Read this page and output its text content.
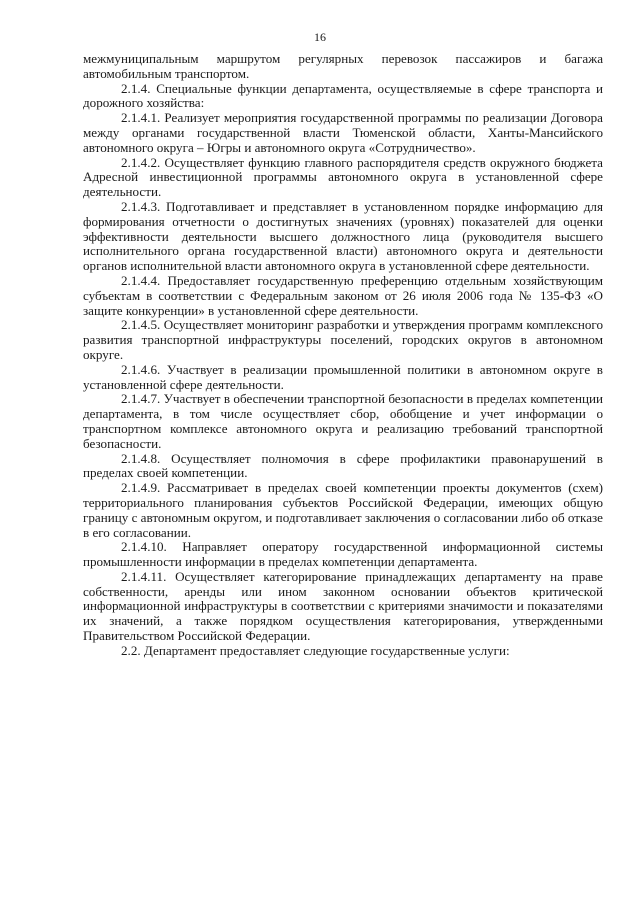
16

межмуниципальным маршрутом регулярных перевозок пассажиров и багажа автомобильным транспортом.

2.1.4. Специальные функции департамента, осуществляемые в сфере транспорта и дорожного хозяйства:

2.1.4.1. Реализует мероприятия государственной программы по реализации Договора между органами государственной власти Тюменской области, Ханты-Мансийского автономного округа – Югры и автономного округа «Сотрудничество».

2.1.4.2. Осуществляет функцию главного распорядителя средств окружного бюджета Адресной инвестиционной программы автономного округа в установленной сфере деятельности.

2.1.4.3. Подготавливает и представляет в установленном порядке информацию для формирования отчетности о достигнутых значениях (уровнях) показателей для оценки эффективности деятельности высшего должностного лица (руководителя высшего исполнительного органа государственной власти) автономного округа и деятельности органов исполнительной власти автономного округа в установленной сфере деятельности.

2.1.4.4. Предоставляет государственную преференцию отдельным хозяйствующим субъектам в соответствии с Федеральным законом от 26 июля 2006 года № 135-ФЗ «О защите конкуренции» в установленной сфере деятельности.

2.1.4.5. Осуществляет мониторинг разработки и утверждения программ комплексного развития транспортной инфраструктуры поселений, городских округов в автономном округе.

2.1.4.6. Участвует в реализации промышленной политики в автономном округе в установленной сфере деятельности.

2.1.4.7. Участвует в обеспечении транспортной безопасности в пределах компетенции департамента, в том числе осуществляет сбор, обобщение и учет информации о транспортном комплексе автономного округа и реализацию требований транспортной безопасности.

2.1.4.8. Осуществляет полномочия в сфере профилактики правонарушений в пределах своей компетенции.

2.1.4.9. Рассматривает в пределах своей компетенции проекты документов (схем) территориального планирования субъектов Российской Федерации, имеющих общую границу с автономным округом, и подготавливает заключения о согласовании либо об отказе в его согласовании.

2.1.4.10. Направляет оператору государственной информационной системы промышленности информации в пределах компетенции департамента.

2.1.4.11. Осуществляет категорирование принадлежащих департаменту на праве собственности, аренды или ином законном основании объектов критической информационной инфраструктуры в соответствии с критериями значимости и показателями их значений, а также порядком осуществления категорирования, утвержденными Правительством Российской Федерации.

2.2. Департамент предоставляет следующие государственные услуги:
